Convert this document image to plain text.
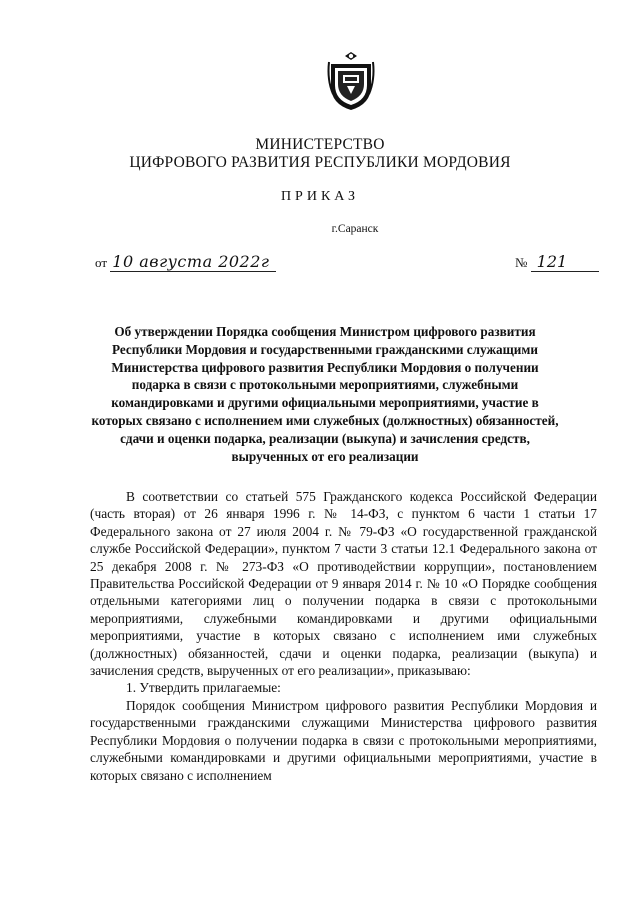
МИНИСТЕРСТВО
ЦИФРОВОГО РАЗВИТИЯ РЕСПУБЛИКИ МОРДОВИЯ
ПРИКАЗ
г.Саранск
от 10 августа 2022г	№ 121
Об утверждении Порядка сообщения Министром цифрового развития Республики Мордовия и государственными гражданскими служащими Министерства цифрового развития Республики Мордовия о получении подарка в связи с протокольными мероприятиями, служебными командировками и другими официальными мероприятиями, участие в которых связано с исполнением ими служебных (должностных) обязанностей, сдачи и оценки подарка, реализации (выкупа) и зачисления средств, вырученных от его реализации

В соответствии со статьей 575 Гражданского кодекса Российской Федерации (часть вторая) от 26 января 1996 г. № 14-ФЗ, с пунктом 6 части 1 статьи 17 Федерального закона от 27 июля 2004 г. № 79-ФЗ «О государственной гражданской службе Российской Федерации», пунктом 7 части 3 статьи 12.1 Федерального закона от 25 декабря 2008 г. № 273-ФЗ «О противодействии коррупции», постановлением Правительства Российской Федерации от 9 января 2014 г. № 10 «О Порядке сообщения отдельными категориями лиц о получении подарка в связи с протокольными мероприятиями, служебными командировками и другими официальными мероприятиями, участие в которых связано с исполнением ими служебных (должностных) обязанностей, сдачи и оценки подарка, реализации (выкупа) и зачисления средств, вырученных от его реализации», приказываю:

1. Утвердить прилагаемые:

Порядок сообщения Министром цифрового развития Республики Мордовия и государственными гражданскими служащими Министерства цифрового развития Республики Мордовия о получении подарка в связи с протокольными мероприятиями, служебными командировками и другими официальными мероприятиями, участие в которых связано с исполнением
